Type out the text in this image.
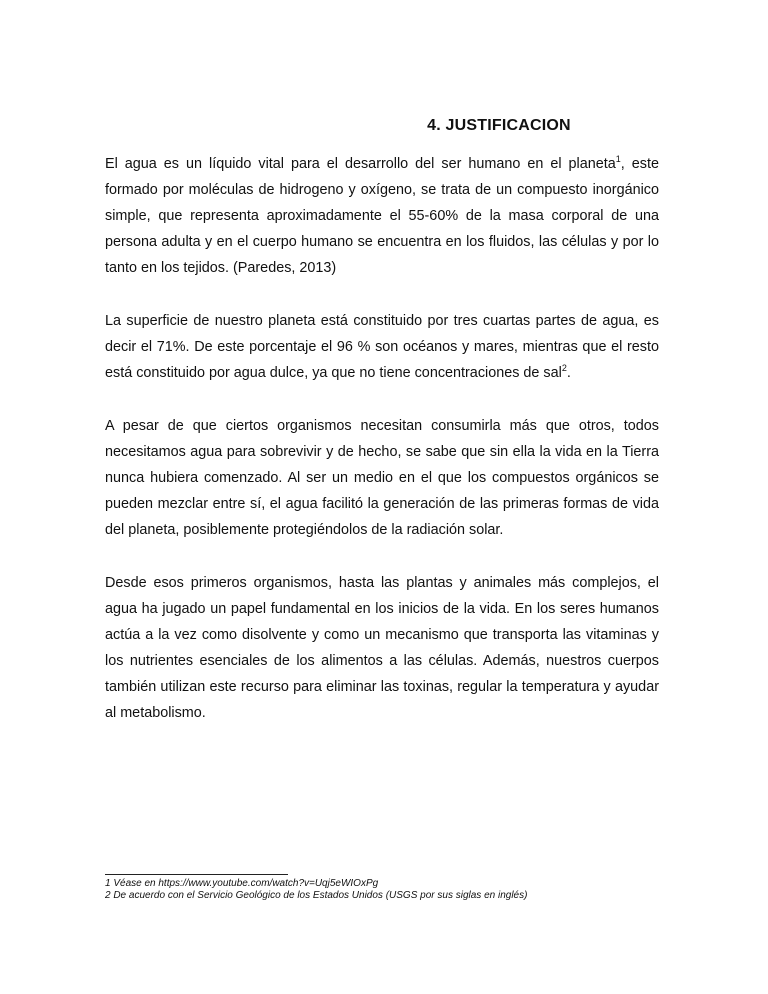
4. JUSTIFICACION

El agua es un líquido vital para el desarrollo del ser humano en el planeta$^1$, este formado por moléculas de hidrogeno y oxígeno, se trata de un compuesto inorgánico simple, que representa aproximadamente el 55-60% de la masa corporal de una persona adulta y en el cuerpo humano se encuentra en los fluidos, las células y por lo tanto en los tejidos. (Paredes, 2013)

La superficie de nuestro planeta está constituido por tres cuartas partes de agua, es decir el 71%. De este porcentaje el 96 % son océanos y mares, mientras que el resto está constituido por agua dulce, ya que no tiene concentraciones de sal$^2$.

A pesar de que ciertos organismos necesitan consumirla más que otros, todos necesitamos agua para sobrevivir y de hecho, se sabe que sin ella la vida en la Tierra nunca hubiera comenzado. Al ser un medio en el que los compuestos orgánicos se pueden mezclar entre sí, el agua facilitó la generación de las primeras formas de vida del planeta, posiblemente protegiéndolos de la radiación solar.

Desde esos primeros organismos, hasta las plantas y animales más complejos, el agua ha jugado un papel fundamental en los inicios de la vida. En los seres humanos actúa a la vez como disolvente y como un mecanismo que transporta las vitaminas y los nutrientes esenciales de los alimentos a las células. Además, nuestros cuerpos también utilizan este recurso para eliminar las toxinas, regular la temperatura y ayudar al metabolismo.

1 Véase en https://www.youtube.com/watch?v=Uqj5eWIOxPg
2 De acuerdo con el Servicio Geológico de los Estados Unidos (USGS por sus siglas en inglés)
